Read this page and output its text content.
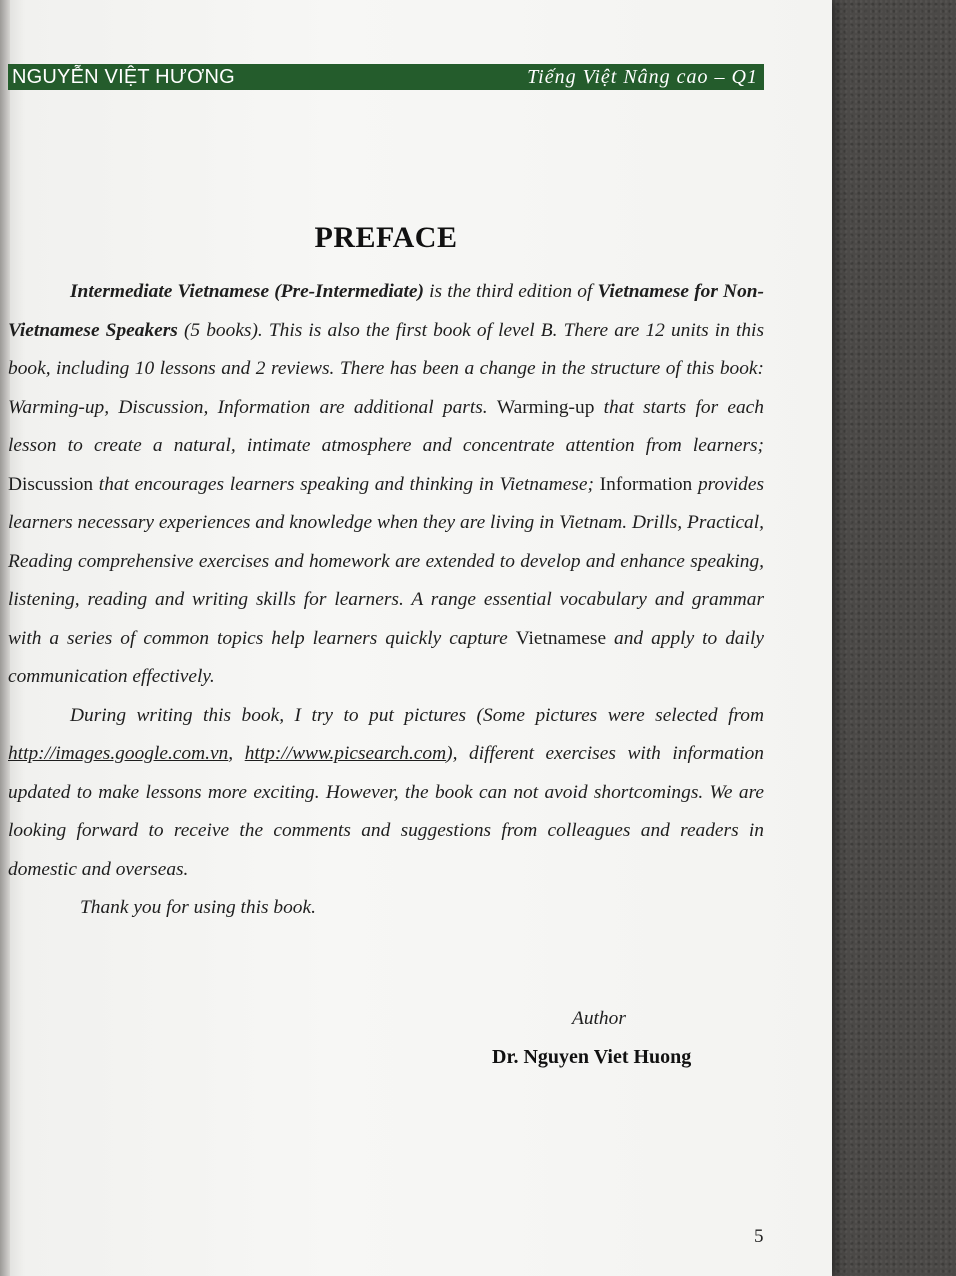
NGUYỄN VIỆT HƯƠNG	Tiếng Việt Nâng cao – Q1
PREFACE

Intermediate Vietnamese (Pre-Intermediate) is the third edition of Vietnamese for Non-Vietnamese Speakers (5 books). This is also the first book of level B. There are 12 units in this book, including 10 lessons and 2 reviews. There has been a change in the structure of this book: Warming-up, Discussion, Information are additional parts. Warming-up that starts for each lesson to create a natural, intimate atmosphere and concentrate attention from learners; Discussion that encourages learners speaking and thinking in Vietnamese; Information provides learners necessary experiences and knowledge when they are living in Vietnam. Drills, Practical, Reading comprehensive exercises and homework are extended to develop and enhance speaking, listening, reading and writing skills for learners. A range essential vocabulary and grammar with a series of common topics help learners quickly capture Vietnamese and apply to daily communication effectively.

During writing this book, I try to put pictures (Some pictures were selected from http://images.google.com.vn, http://www.picsearch.com), different exercises with information updated to make lessons more exciting. However, the book can not avoid shortcomings. We are looking forward to receive the comments and suggestions from colleagues and readers in domestic and overseas.

Thank you for using this book.

Author
Dr. Nguyen Viet Huong
5
